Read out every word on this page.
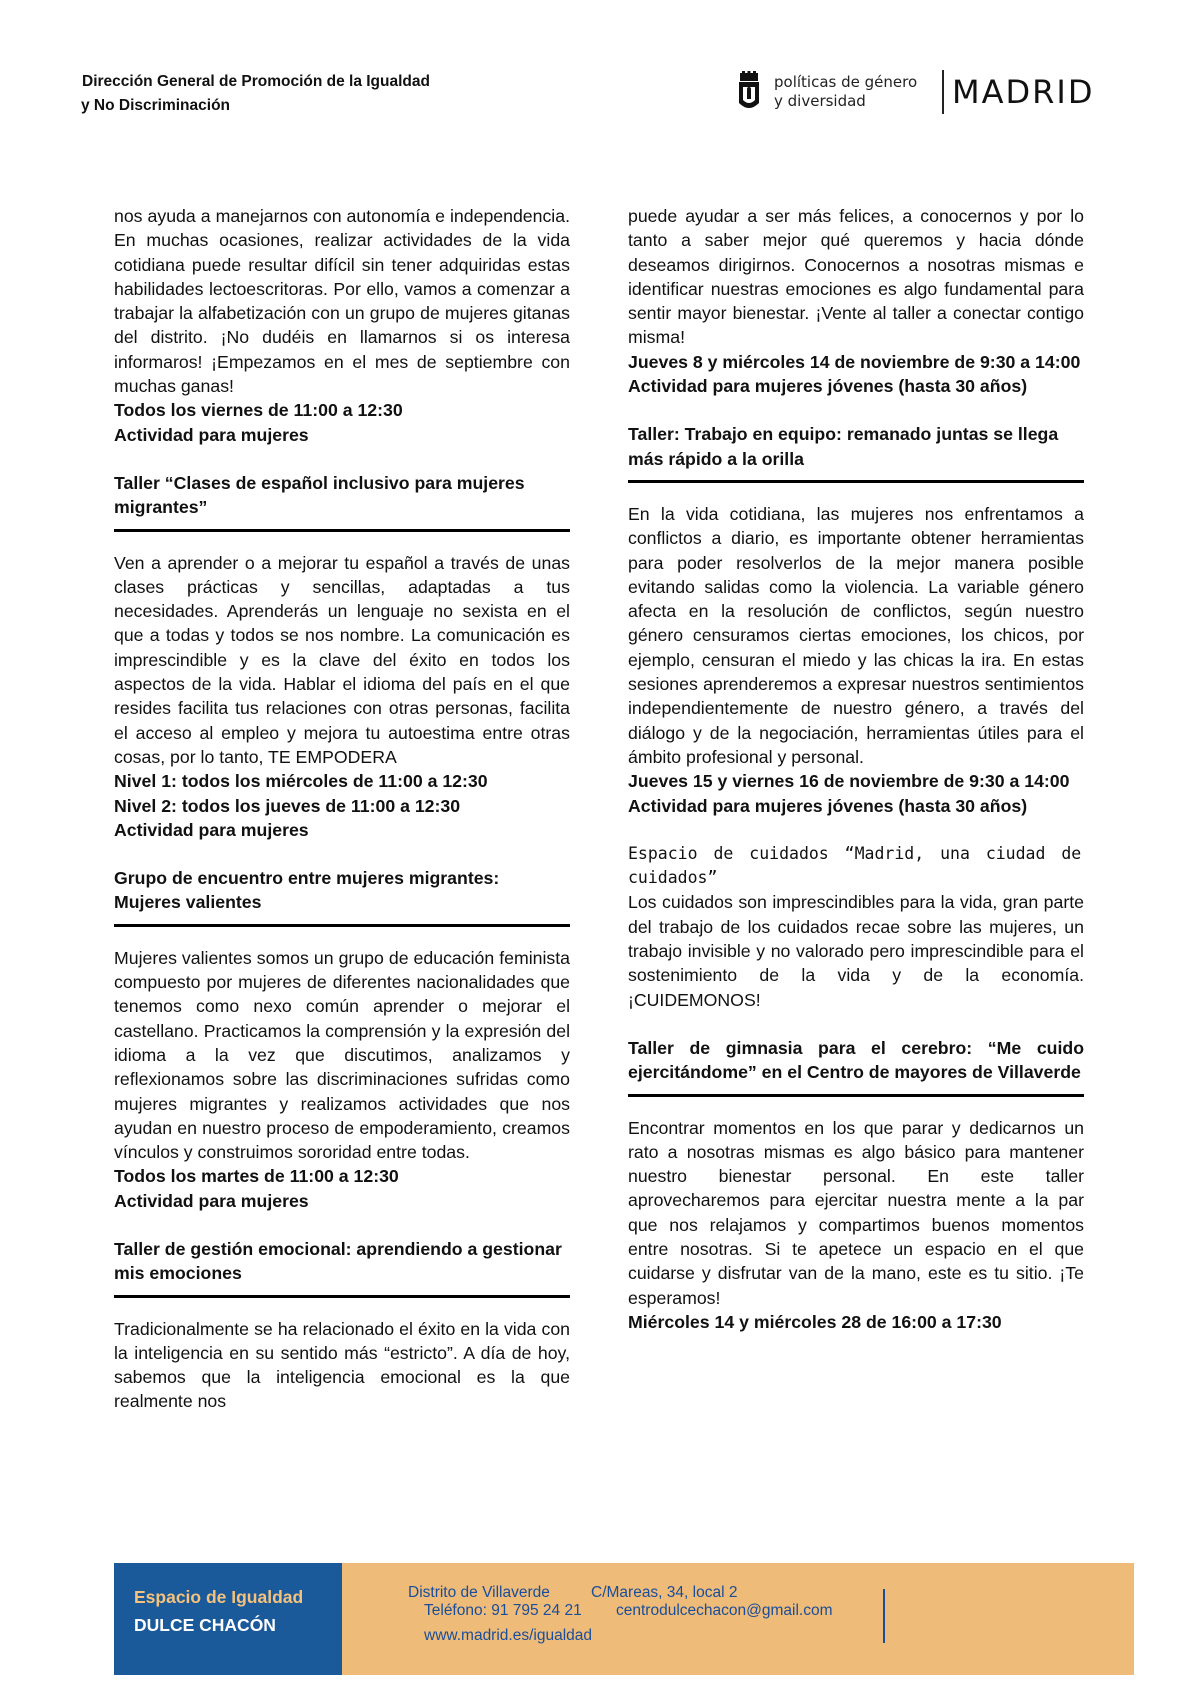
Dirección General de Promoción de la Igualdad
y No Discriminación
políticas de género
y diversidad	MADRID

nos ayuda a manejarnos con autonomía e independencia. En muchas ocasiones, realizar actividades de la vida cotidiana puede resultar difícil sin tener adquiridas estas habilidades lectoescritoras. Por ello, vamos a comenzar a trabajar la alfabetización con un grupo de mujeres gitanas del distrito. ¡No dudéis en llamarnos si os interesa informaros! ¡Empezamos en el mes de septiembre con muchas ganas!

Todos los viernes de 11:00 a 12:30
Actividad para mujeres
Taller “Clases de español inclusivo para mujeres migrantes”

Ven a aprender o a mejorar tu español a través de unas clases prácticas y sencillas, adaptadas a tus necesidades. Aprenderás un lenguaje no sexista en el que a todas y todos se nos nombre. La comunicación es imprescindible y es la clave del éxito en todos los aspectos de la vida. Hablar el idioma del país en el que resides facilita tus relaciones con otras personas, facilita el acceso al empleo y mejora tu autoestima entre otras cosas, por lo tanto, TE EMPODERA

Nivel 1: todos los miércoles de 11:00 a 12:30
Nivel 2: todos los jueves de 11:00 a 12:30
Actividad para mujeres
Grupo de encuentro entre mujeres migrantes: Mujeres valientes

Mujeres valientes somos un grupo de educación feminista compuesto por mujeres de diferentes nacionalidades que tenemos como nexo común aprender o mejorar el castellano. Practicamos la comprensión y la expresión del idioma a la vez que discutimos, analizamos y reflexionamos sobre las discriminaciones sufridas como mujeres migrantes y realizamos actividades que nos ayudan en nuestro proceso de empoderamiento, creamos vínculos y construimos sororidad entre todas.

Todos los martes de 11:00 a 12:30
Actividad para mujeres
Taller de gestión emocional: aprendiendo a gestionar mis emociones

Tradicionalmente se ha relacionado el éxito en la vida con la inteligencia en su sentido más “estricto”. A día de hoy, sabemos que la inteligencia emocional es la que realmente nos

puede ayudar a ser más felices, a conocernos y por lo tanto a saber mejor qué queremos y hacia dónde deseamos dirigirnos. Conocernos a nosotras mismas e identificar nuestras emociones es algo fundamental para sentir mayor bienestar. ¡Vente al taller a conectar contigo misma!

Jueves 8 y miércoles 14 de noviembre de 9:30 a 14:00
Actividad para mujeres jóvenes (hasta 30 años)
Taller: Trabajo en equipo: remanado juntas se llega más rápido a la orilla

En la vida cotidiana, las mujeres nos enfrentamos a conflictos a diario, es importante obtener herramientas para poder resolverlos de la mejor manera posible evitando salidas como la violencia. La variable género afecta en la resolución de conflictos, según nuestro género censuramos ciertas emociones, los chicos, por ejemplo, censuran el miedo y las chicas la ira. En estas sesiones aprenderemos a expresar nuestros sentimientos independientemente de nuestro género, a través del diálogo y de la negociación, herramientas útiles para el ámbito profesional y personal.

Jueves 15 y viernes 16 de noviembre de 9:30 a 14:00
Actividad para mujeres jóvenes (hasta 30 años)
Espacio de cuidados “Madrid, una ciudad de cuidados”

Los cuidados son imprescindibles para la vida, gran parte del trabajo de los cuidados recae sobre las mujeres, un trabajo invisible y no valorado pero imprescindible para el sostenimiento de la vida y de la economía. ¡CUIDEMONOS!

Taller de gimnasia para el cerebro: “Me cuido ejercitándome” en el Centro de mayores de Villaverde

Encontrar momentos en los que parar y dedicarnos un rato a nosotras mismas es algo básico para mantener nuestro bienestar personal. En este taller aprovecharemos para ejercitar nuestra mente a la par que nos relajamos y compartimos buenos momentos entre nosotras. Si te apetece un espacio en el que cuidarse y disfrutar van de la mano, este es tu sitio. ¡Te esperamos!

Miércoles 14 y miércoles 28 de 16:00 a 17:30
Espacio de Igualdad
DULCE CHACÓN
Distrito de Villaverde	C/Mareas, 34, local 2
Teléfono: 91 795 24 21 centrodulcechacon@gmail.com
www.madrid.es/igualdad
